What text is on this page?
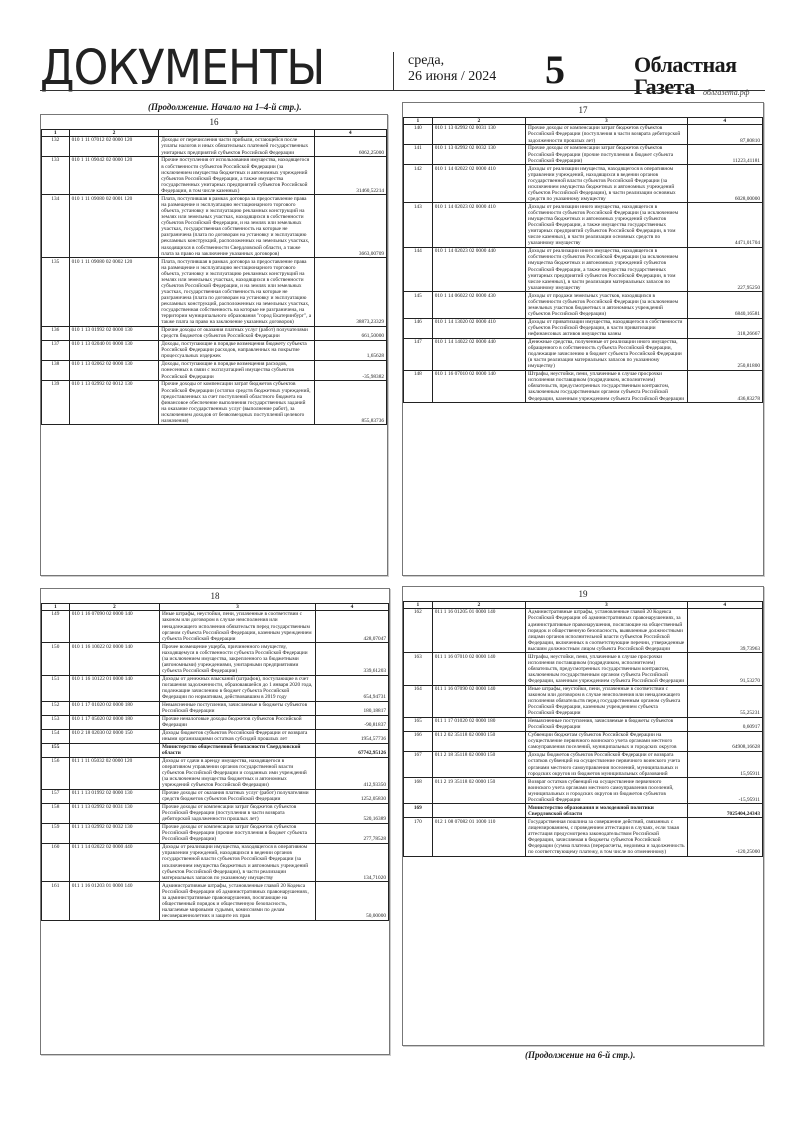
ДОКУМЕНТЫ	среда,
26 июня / 2024 5	Областная
Газета облгазета.рф
(Продолжение. Начало на 1–4-й стр.).
16
1	2	3	4
132	010 1 11 07012 02 0000 120	Доходы от перечисления части прибыли, остающейся после уплаты налогов и иных обязательных платежей государственных унитарных предприятий субъектов Российской Федерации	6062,25000
133	010 1 11 09042 02 0000 120	Прочие поступления от использования имущества, находящегося в собственности субъектов Российской Федерации (за исключением имущества бюджетных и автономных учреждений субъектов Российской Федерации, а также имущества государственных унитарных предприятий субъектов Российской Федерации, в том числе казенных)	31460,52214
134	010 1 11 09080 02 0001 120	Плата, поступившая в рамках договора за предоставление права на размещение и эксплуатацию нестационарного торгового объекта, установку и эксплуатацию рекламных конструкций на землях или земельных участках, находящихся в собственности субъектов Российской Федерации, и на землях или земельных участках, государственная собственность на которые не разграничена (плата по договорам на установку и эксплуатацию рекламных конструкций, расположенных на земельных участках, находящихся в собственности Свердловской области, а также плата за право на заключение указанных договоров)	3663,00709
135	010 1 11 09080 02 0002 120	Плата, поступившая в рамках договора за предоставление права на размещение и эксплуатацию нестационарного торгового объекта, установку и эксплуатацию рекламных конструкций на землях или земельных участках, находящихся в собственности субъектов Российской Федерации, и на землях или земельных участках, государственная собственность на которые не разграничена (плата по договорам на установку и эксплуатацию рекламных конструкций, расположенных на земельных участках, государственная собственность на которые не разграничена, на территории муниципального образования "город Екатеринбург", а также плата за право на заключение указанных договоров)	38873,23329
136	010 1 13 01992 02 0000 130	Прочие доходы от оказания платных услуг (работ) получателями средств бюджетов субъектов Российской Федерации	661,50000
137	010 1 13 02040 01 0000 130	Доходы, поступающие в порядке возмещения бюджету субъекта Российской Федерации расходов, направленных на покрытие процессуальных издержек	1,65628
138	010 1 13 02062 02 0000 130	Доходы, поступающие в порядке возмещения расходов, понесенных в связи с эксплуатацией имущества субъектов Российской Федерации	-35,98382
139	010 1 13 02992 02 0012 130	Прочие доходы от компенсации затрат бюджетов субъектов Российской Федерации (остатки средств бюджетных учреждений, предоставленных за счет поступлений областного бюджета на финансовое обеспечение выполнения государственных заданий на оказание государственных услуг (выполнение работ), за исключением доходов от безвозмездных поступлений целевого назначения)	855,83736
17
1	2	3	4
140	010 1 13 02992 02 0031 130	Прочие доходы от компенсации затрат бюджетов субъектов Российской Федерации (поступления в части возврата дебиторской задолженности прошлых лет)	87,80810
141	010 1 13 02992 02 0032 130	Прочие доходы от компенсации затрат бюджетов субъектов Российской Федерации (прочие поступления в бюджет субъекта Российской Федерации)	11223,41181
142	010 1 14 02022 02 0000 410	Доходы от реализации имущества, находящегося в оперативном управлении учреждений, находящихся в ведении органов государственной власти субъектов Российской Федерации (за исключением имущества бюджетных и автономных учреждений субъектов Российской Федерации), в части реализации основных средств по указанному имуществу	6028,00000
143	010 1 14 02023 02 0000 410	Доходы от реализации иного имущества, находящегося в собственности субъектов Российской Федерации (за исключением имущества бюджетных и автономных учреждений субъектов Российской Федерации, а также имущества государственных унитарных предприятий субъектов Российской Федерации, в том числе казенных), в части реализации основных средств по указанному имуществу	4471,01704
144	010 1 14 02023 02 0000 440	Доходы от реализации иного имущества, находящегося в собственности субъектов Российской Федерации (за исключением имущества бюджетных и автономных учреждений субъектов Российской Федерации, а также имущества государственных унитарных предприятий субъектов Российской Федерации, в том числе казенных), в части реализации материальных запасов по указанному имуществу	227,95250
145	010 1 14 06022 02 0000 430	Доходы от продажи земельных участков, находящихся в собственности субъектов Российской Федерации (за исключением земельных участков бюджетных и автономных учреждений субъектов Российской Федерации)	6840,16581
146	010 1 14 13020 02 0000 410	Доходы от приватизации имущества, находящегося в собственности субъектов Российской Федерации, в части приватизации нефинансовых активов имущества казны	318,26667
147	010 1 14 14022 02 0000 440	Денежные средства, полученные от реализации иного имущества, обращенного в собственность субъекта Российской Федерации, подлежащие зачислению в бюджет субъекта Российской Федерации (в части реализации материальных запасов по указанному имуществу)	250,81800
148	010 1 16 07010 02 0000 140	Штрафы, неустойки, пени, уплаченные в случае просрочки исполнения поставщиком (подрядчиком, исполнителем) обязательств, предусмотренных государственным контрактом, заключенным государственным органом субъекта Российской Федерации, казенным учреждением субъекта Российской Федерации	436,83278
18
1	2	3	4
149	010 1 16 07090 02 0000 140	Иные штрафы, неустойки, пени, уплаченные в соответствии с законом или договором в случае неисполнения или ненадлежащего исполнения обязательств перед государственным органом субъекта Российской Федерации, казенным учреждением субъекта Российской Федерации	428,07047
150	010 1 16 10022 02 0000 140	Прочее возмещение ущерба, причиненного имуществу, находящемуся в собственности субъекта Российской Федерации (за исключением имущества, закрепленного за бюджетными (автономными) учреждениями, унитарными предприятиями субъекта Российской Федерации)	339,61203
151	010 1 16 10122 01 0000 140	Доходы от денежных взысканий (штрафов), поступающие в счет погашения задолженности, образовавшейся до 1 января 2020 года, подлежащие зачислению в бюджет субъекта Российской Федерации по нормативам, действовавшим в 2019 году	654,94731
152	010 1 17 01020 02 0000 180	Невыясненные поступления, зачисляемые в бюджеты субъектов Российской Федерации	180,18817
153	010 1 17 05020 02 0000 180	Прочие неналоговые доходы бюджетов субъектов Российской Федерации	-90,81837
154	010 2 18 02030 02 0000 150	Доходы бюджетов субъектов Российской Федерации от возврата иными организациями остатков субсидий прошлых лет	1954,57736
155		Министерство общественной безопасности Свердловской области	67742,95126
156	011 1 11 05032 02 0000 120	Доходы от сдачи в аренду имущества, находящегося в оперативном управлении органов государственной власти субъектов Российской Федерации и созданных ими учреждений (за исключением имущества бюджетных и автономных учреждений субъектов Российской Федерации)	412,93350
157	011 1 13 01992 02 0000 130	Прочие доходы от оказания платных услуг (работ) получателями средств бюджетов субъектов Российской Федерации	1252,05830
158	011 1 13 02992 02 0031 130	Прочие доходы от компенсации затрат бюджетов субъектов Российской Федерации (поступления в части возврата дебиторской задолженности прошлых лет)	520,16389
159	011 1 13 02992 02 0032 130	Прочие доходы от компенсации затрат бюджетов субъектов Российской Федерации (прочие поступления в бюджет субъекта Российской Федерации)	277,78528
160	011 1 14 02022 02 0000 440	Доходы от реализации имущества, находящегося в оперативном управлении учреждений, находящихся в ведении органов государственной власти субъектов Российской Федерации (за исключением имущества бюджетных и автономных учреждений субъектов Российской Федерации), в части реализации материальных запасов по указанному имуществу	134,71020
161	011 1 16 01203 01 0000 140	Административные штрафы, установленные главой 20 Кодекса Российской Федерации об административных правонарушениях, за административные правонарушения, посягающие на общественный порядок и общественную безопасность, налагаемые мировыми судьями, комиссиями по делам несовершеннолетних и защите их прав	50,00000
19
1	2	3	4
162	011 1 16 01205 01 0000 140	Административные штрафы, установленные главой 20 Кодекса Российской Федерации об административных правонарушениях, за административные правонарушения, посягающие на общественный порядок и общественную безопасность, выявленные должностными лицами органов исполнительной власти субъектов Российской Федерации, включенных в соответствующие перечни, утвержденные высшим должностным лицом субъекта Российской Федерации	39,73963
163	011 1 16 07010 02 0000 140	Штрафы, неустойки, пени, уплаченные в случае просрочки исполнения поставщиком (подрядчиком, исполнителем) обязательств, предусмотренных государственным контрактом, заключенным государственным органом субъекта Российской Федерации, казенным учреждением субъекта Российской Федерации	91,53270
164	011 1 16 07090 02 0000 140	Иные штрафы, неустойки, пени, уплаченные в соответствии с законом или договором в случае неисполнения или ненадлежащего исполнения обязательств перед государственным органом субъекта Российской Федерации, казенным учреждением субъекта Российской Федерации	55,25231
165	011 1 17 01020 02 0000 180	Невыясненные поступления, зачисляемые в бюджеты субъектов Российской Федерации	0,60917
166	011 2 02 35118 02 0000 150	Субвенции бюджетам субъектов Российской Федерации на осуществление первичного воинского учета органами местного самоуправления поселений, муниципальных и городских округов	64908,16628
167	011 2 18 35118 02 0000 150	Доходы бюджетов субъектов Российской Федерации от возврата остатков субвенций на осуществление первичного воинского учета органами местного самоуправления поселений, муниципальных и городских округов из бюджетов муниципальных образований	15,95911
168	011 2 19 35118 02 0000 150	Возврат остатков субвенций на осуществление первичного воинского учета органами местного самоуправления поселений, муниципальных и городских округов из бюджетов субъектов Российской Федерации	-15,95911
169		Министерство образования и молодежной политики Свердловской области	7025404,24343
170	012 1 08 07082 01 1000 110	Государственная пошлина за совершение действий, связанных с лицензированием, с проведением аттестации в случаях, если такая аттестация предусмотрена законодательством Российской Федерации, зачисляемая в бюджеты субъектов Российской Федерации (сумма платежа (перерасчеты, недоимка и задолженность по соответствующему платежу, в том числе по отмененному)	-120,25000
(Продолжение на 6-й стр.).
